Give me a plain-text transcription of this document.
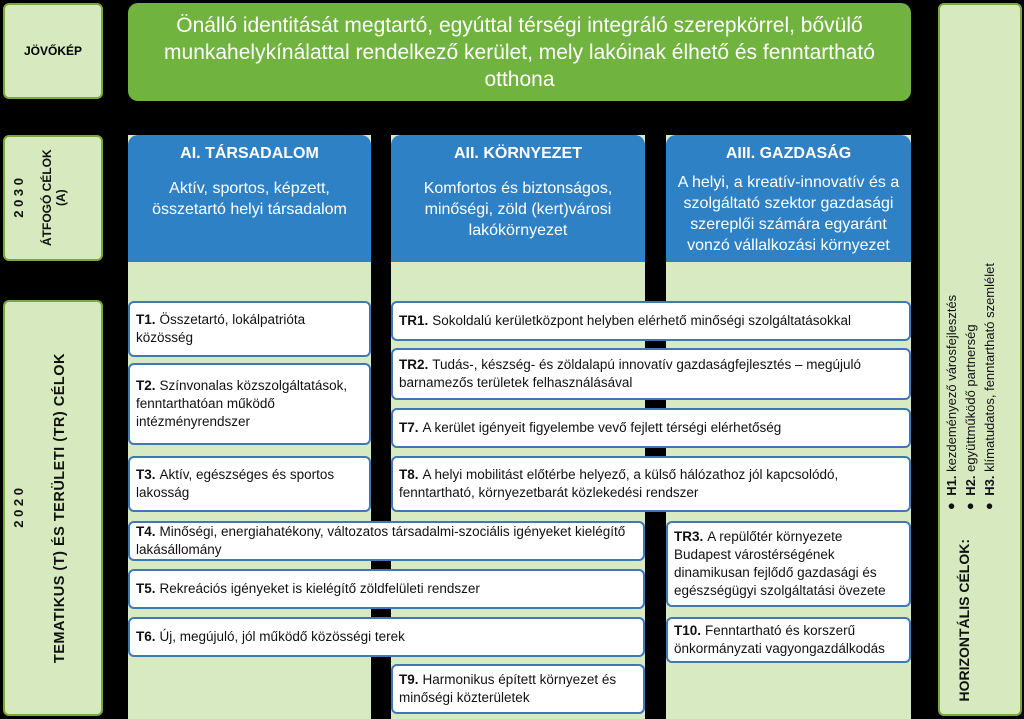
JÖVŐKÉP
2 0 3 0 ÁTFOGÓ CÉLOK (A)
2 0 2 0 TEMATIKUS (T) ÉS TERÜLETI (TR) CÉLOK
Önálló identitását megtartó, egyúttal térségi integráló szerepkörrel, bővülő munkahelykínálattal rendelkező kerület, mely lakóinak élhető és fenntartható otthona
AI. TÁRSADALOM
Aktív, sportos, képzett, összetartó helyi társadalom
AII. KÖRNYEZET
Komfortos és biztonságos, minőségi, zöld (kert)városi lakókörnyezet
AIII. GAZDASÁG
A helyi, a kreatív-innovatív és a szolgáltató szektor gazdasági szereplői számára egyaránt vonzó vállalkozási környezet
T1. Összetartó, lokálpatrióta közösség
T2. Színvonalas közszolgáltatások, fenntarthatóan működő intézményrendszer
T3. Aktív, egészséges és sportos lakosság
T4. Minőségi, energiahatékony, változatos társadalmi-szociális igényeket kielégítő lakásállomány
T5. Rekreációs igényeket is kielégítő zöldfelületi rendszer
T6. Új, megújuló, jól működő közösségi terek
TR1. Sokoldalú kerületközpont helyben elérhető minőségi szolgáltatásokkal
TR2. Tudás-, készség- és zöldalapú innovatív gazdaságfejlesztés – megújuló barnamezős területek felhasználásával
T7. A kerület igényeit figyelembe vevő fejlett térségi elérhetőség
T8. A helyi mobilitást előtérbe helyező, a külső hálózathoz jól kapcsolódó, fenntartható, környezetbarát közlekedési rendszer
TR3. A repülőtér környezete Budapest várostérségének dinamikusan fejlődő gazdasági és egészségügyi szolgáltatási övezete
T10. Fenntartható és korszerű önkormányzati vagyongazdálkodás
T9. Harmonikus épített környezet és minőségi közterületek
● H1. kezdeményező városfejlesztés
● H2. együttműködő partnerség
● H3. klímatudatos, fenntartható szemlélet
HORIZONTÁLIS CÉLOK:
